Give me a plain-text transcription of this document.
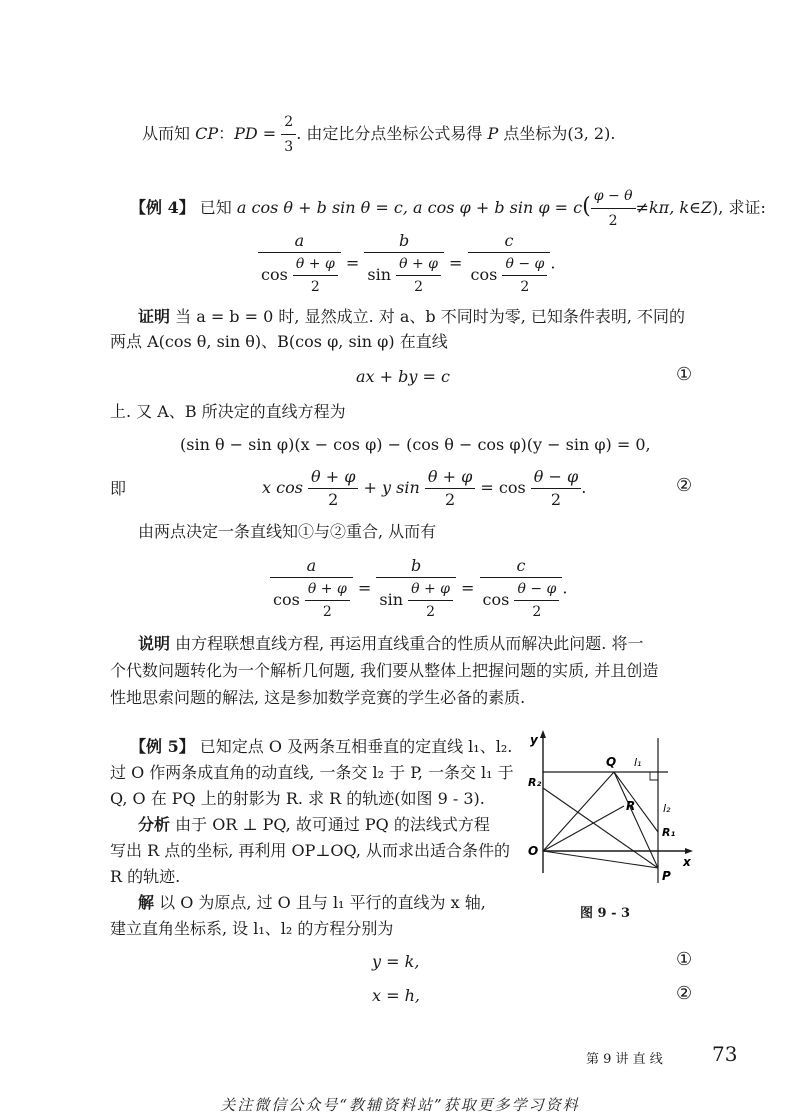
从而知 CP：PD = $\frac{2}{3}$ . 由定比分点坐标公式易得 P 点坐标为(3, 2).
【例 4】 已知 a cos θ + b sin θ = c, a cos φ + b $\sin \varphi = c( \frac{\varphi - \theta}{2} \ne k\pi$, k∈Z), 求证:
$\frac{a}{\cos \frac{\theta + \varphi}{2}} = \frac{b}{\sin \frac{\theta + \varphi}{2}} = \frac{c}{\cos \frac{\theta - \varphi}{2}}$ .
证明 当 a = b = 0 时, 显然成立. 对 a、b 不同时为零, 已知条件表明, 不同的
两点 A(cos θ, sin θ)、B(cos φ, sin φ) 在直线
ax + by = c	①
上. 又 A、B 所决定的直线方程为
(sin θ − sin φ)(x − cos φ) − (cos θ − cos φ)(y − sin φ) = 0,
即	x $\cos \frac{\theta + \varphi}{2} + y$ $\sin \frac{\theta + \varphi}{2} = \cos \frac{\theta - \varphi}{2}$ .	②
由两点决定一条直线知①与②重合, 从而有
$\frac{a}{\cos \frac{\theta + \varphi}{2}} = \frac{b}{\sin \frac{\theta + \varphi}{2}} = \frac{c}{\cos \frac{\theta - \varphi}{2}}$ .
说明 由方程联想直线方程, 再运用直线重合的性质从而解决此问题. 将一
个代数问题转化为一个解析几何题, 我们要从整体上把握问题的实质, 并且创造
性地思索问题的解法, 这是参加数学竞赛的学生必备的素质.
【例 5】 已知定点 O 及两条互相垂直的定直线 l₁、l₂.
过 O 作两条成直角的动直线, 一条交 l₂ 于 P, 一条交 l₁ 于
Q, O 在 PQ 上的射影为 R. 求 R 的轨迹(如图 9 - 3).
分析 由于 OR ⊥ PQ, 故可通过 PQ 的法线式方程
写出 R 点的坐标, 再利用 OP⊥OQ, 从而求出适合条件的
R 的轨迹.
解 以 O 为原点, 过 O 且与 l₁ 平行的直线为 x 轴,
建立直角坐标系, 设 l₁、l₂ 的方程分别为
y = k,	①
x = h,	②
y
x
O
Q l₁
R	l₂
R₁
R₂
P
图 9 - 3
第 9 讲 直 线 73
关注微信公众号“教辅资料站”获取更多学习资料
